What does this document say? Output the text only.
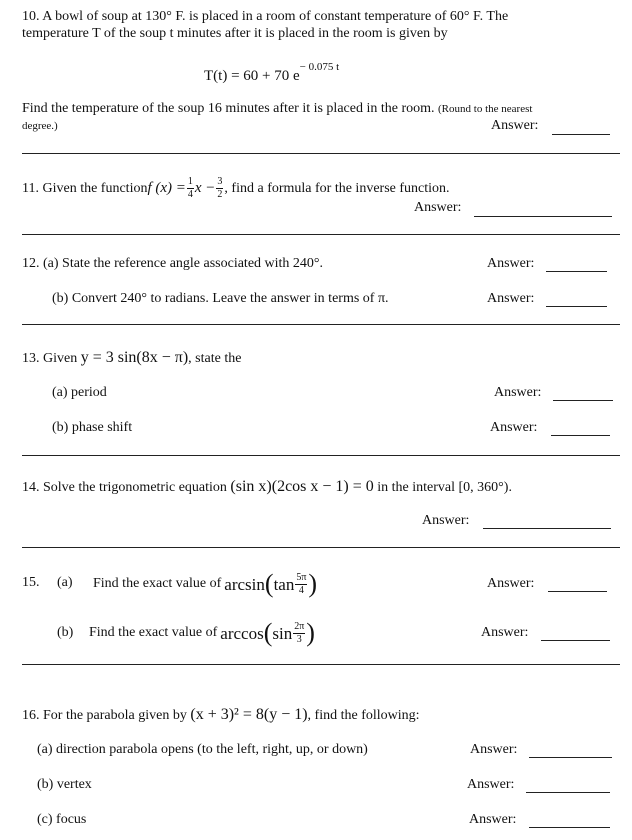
10. A bowl of soup at 130° F. is placed in a room of constant temperature of 60° F. The
temperature T of the soup t minutes after it is placed in the room is given by
T(t) = 60 + 70 $e^{- 0.075 t}$
Find the temperature of the soup 16 minutes after it is placed in the room. (Round to the nearest
degree.)	Answer:
11. Given the function f $(x) = \frac{1}{4}$ $x - \frac{3}{2}$ , find a formula for the inverse function.
Answer:
12. (a) State the reference angle associated with 240°.	Answer:
(b) Convert 240° to radians. Leave the answer in terms of π.	Answer:
13. Given y = 3 sin(8x − π), state the
(a) period	Answer:
(b) phase shift	Answer:
14. Solve the trigonometric equation (sin x)(2cos x − 1) = 0 in the interval [0, 360°).
Answer:
15. (a) Find the exact value of arcsin ( $\tan \frac{5\pi}{4}$ )	Answer:
(b) Find the exact value of arccos ( $\sin \frac{2\pi}{3}$ )	Answer:
16. For the parabola given by (x + 3)² = 8(y − 1), find the following:
(a) direction parabola opens (to the left, right, up, or down)	Answer:
(b) vertex	Answer:
(c) focus	Answer:
